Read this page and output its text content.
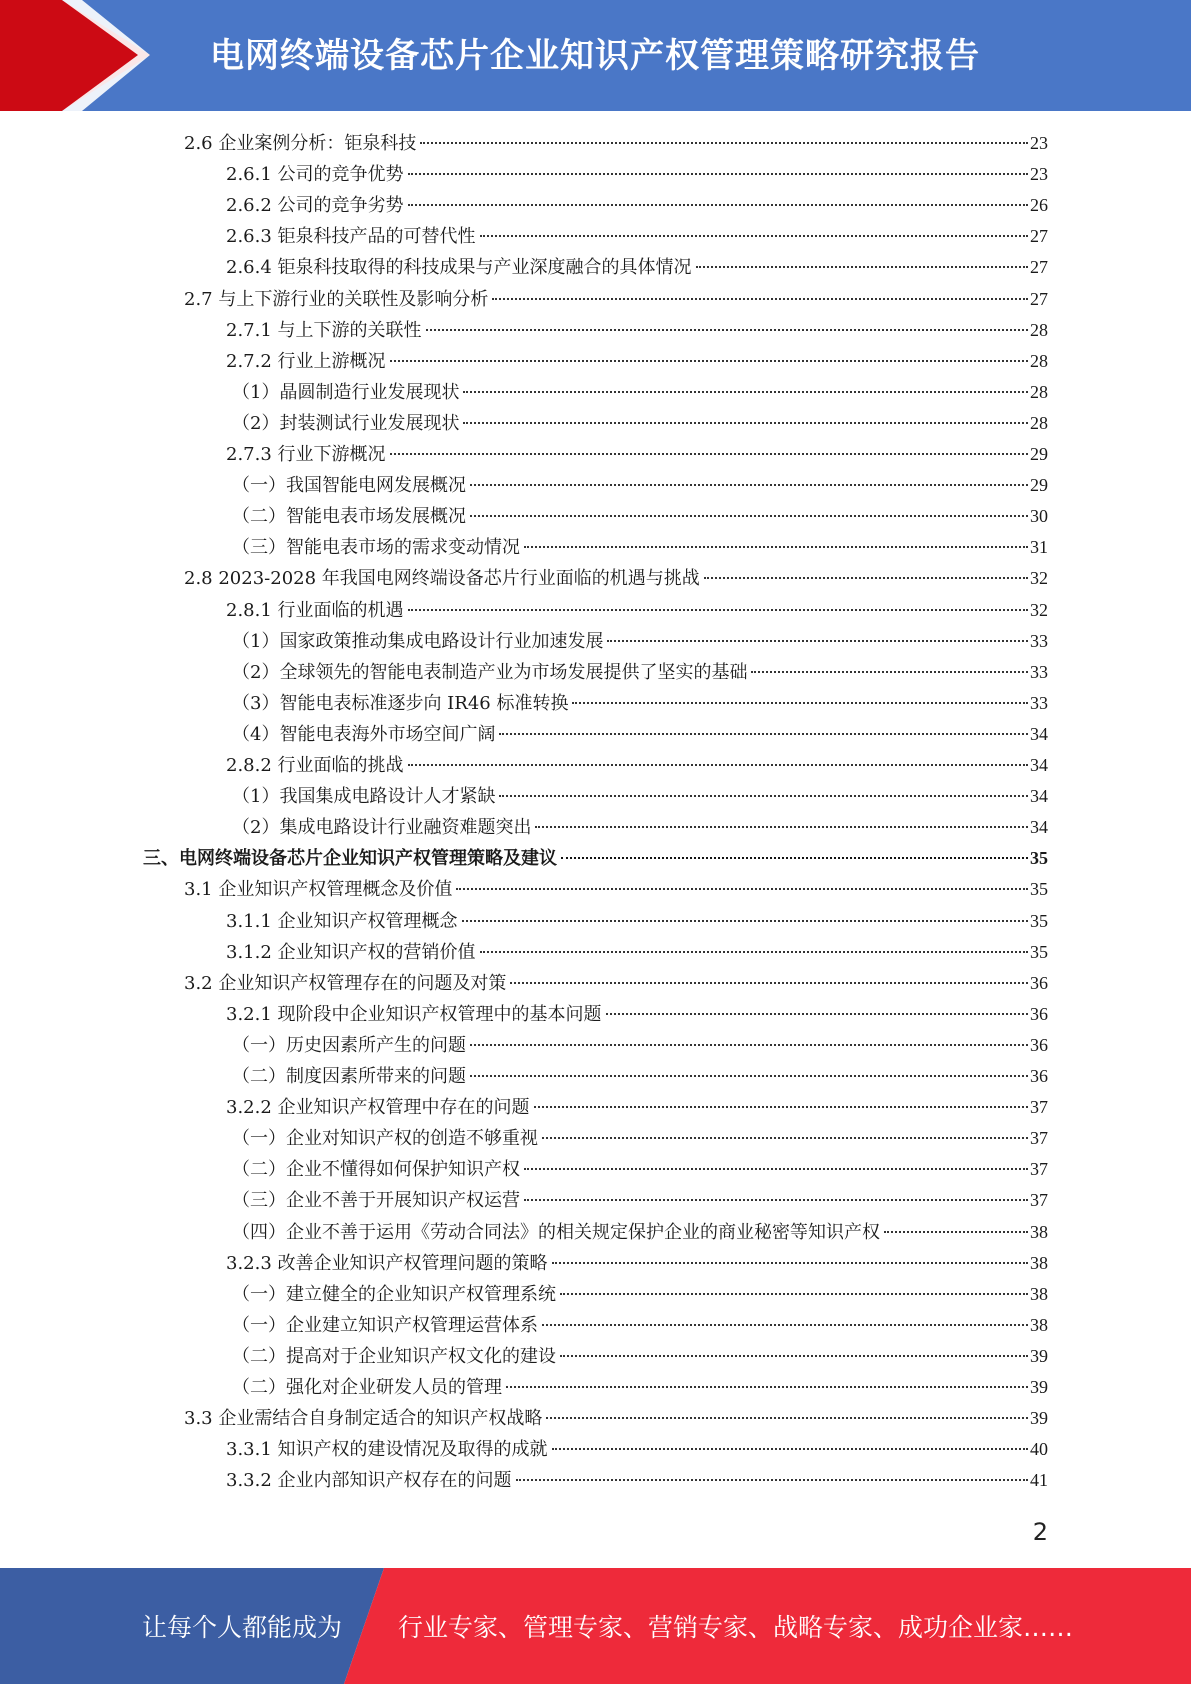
电网终端设备芯片企业知识产权管理策略研究报告
2.6 企业案例分析：钜泉科技	23
2.6.1 公司的竞争优势	23
2.6.2 公司的竞争劣势	26
2.6.3 钜泉科技产品的可替代性	27
2.6.4 钜泉科技取得的科技成果与产业深度融合的具体情况	27
2.7 与上下游行业的关联性及影响分析	27
2.7.1 与上下游的关联性	28
2.7.2 行业上游概况	28
（1）晶圆制造行业发展现状	28
（2）封装测试行业发展现状	28
2.7.3 行业下游概况	29
（一）我国智能电网发展概况	29
（二）智能电表市场发展概况	30
（三）智能电表市场的需求变动情况	31
2.8 2023-2028 年我国电网终端设备芯片行业面临的机遇与挑战	32
2.8.1 行业面临的机遇	32
（1）国家政策推动集成电路设计行业加速发展	33
（2）全球领先的智能电表制造产业为市场发展提供了坚实的基础	33
（3）智能电表标准逐步向 IR46 标准转换	33
（4）智能电表海外市场空间广阔	34
2.8.2 行业面临的挑战	34
（1）我国集成电路设计人才紧缺	34
（2）集成电路设计行业融资难题突出	34
三、电网终端设备芯片企业知识产权管理策略及建议	35
3.1 企业知识产权管理概念及价值	35
3.1.1 企业知识产权管理概念	35
3.1.2 企业知识产权的营销价值	35
3.2 企业知识产权管理存在的问题及对策	36
3.2.1 现阶段中企业知识产权管理中的基本问题	36
（一）历史因素所产生的问题	36
（二）制度因素所带来的问题	36
3.2.2 企业知识产权管理中存在的问题	37
（一）企业对知识产权的创造不够重视	37
（二）企业不懂得如何保护知识产权	37
（三）企业不善于开展知识产权运营	37
（四）企业不善于运用《劳动合同法》的相关规定保护企业的商业秘密等知识产权	38
3.2.3 改善企业知识产权管理问题的策略	38
（一）建立健全的企业知识产权管理系统	38
（一）企业建立知识产权管理运营体系	38
（二）提高对于企业知识产权文化的建设	39
（二）强化对企业研发人员的管理	39
3.3 企业需结合自身制定适合的知识产权战略	39
3.3.1 知识产权的建设情况及取得的成就	40
3.3.2 企业内部知识产权存在的问题	41
2
让每个人都能成为 行业专家、管理专家、营销专家、战略专家、成功企业家……
